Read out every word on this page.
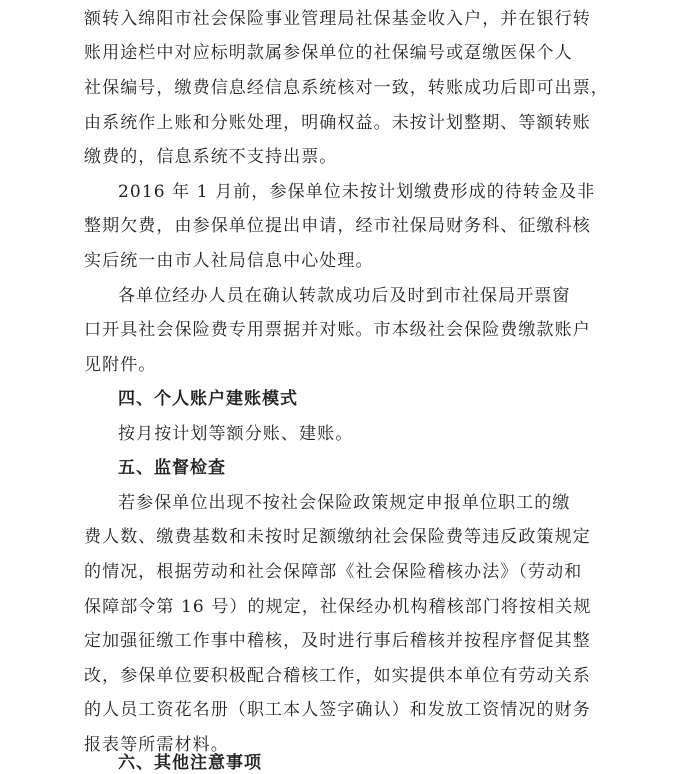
额转入绵阳市社会保险事业管理局社保基金收入户，并在银行转
账用途栏中对应标明款属参保单位的社保编号或趸缴医保个人
社保编号，缴费信息经信息系统核对一致，转账成功后即可出票，
由系统作上账和分账处理，明确权益。未按计划整期、等额转账
缴费的，信息系统不支持出票。
2016 年 1 月前，参保单位未按计划缴费形成的待转金及非
整期欠费，由参保单位提出申请，经市社保局财务科、征缴科核
实后统一由市人社局信息中心处理。
各单位经办人员在确认转款成功后及时到市社保局开票窗
口开具社会保险费专用票据并对账。市本级社会保险费缴款账户
见附件。
四、个人账户建账模式
按月按计划等额分账、建账。
五、监督检查
若参保单位出现不按社会保险政策规定申报单位职工的缴
费人数、缴费基数和未按时足额缴纳社会保险费等违反政策规定
的情况，根据劳动和社会保障部《社会保险稽核办法》（劳动和
保障部令第 16 号）的规定，社保经办机构稽核部门将按相关规
定加强征缴工作事中稽核，及时进行事后稽核并按程序督促其整
改，参保单位要积极配合稽核工作，如实提供本单位有劳动关系
的人员工资花名册（职工本人签字确认）和发放工资情况的财务
报表等所需材料。
六、其他注意事项
